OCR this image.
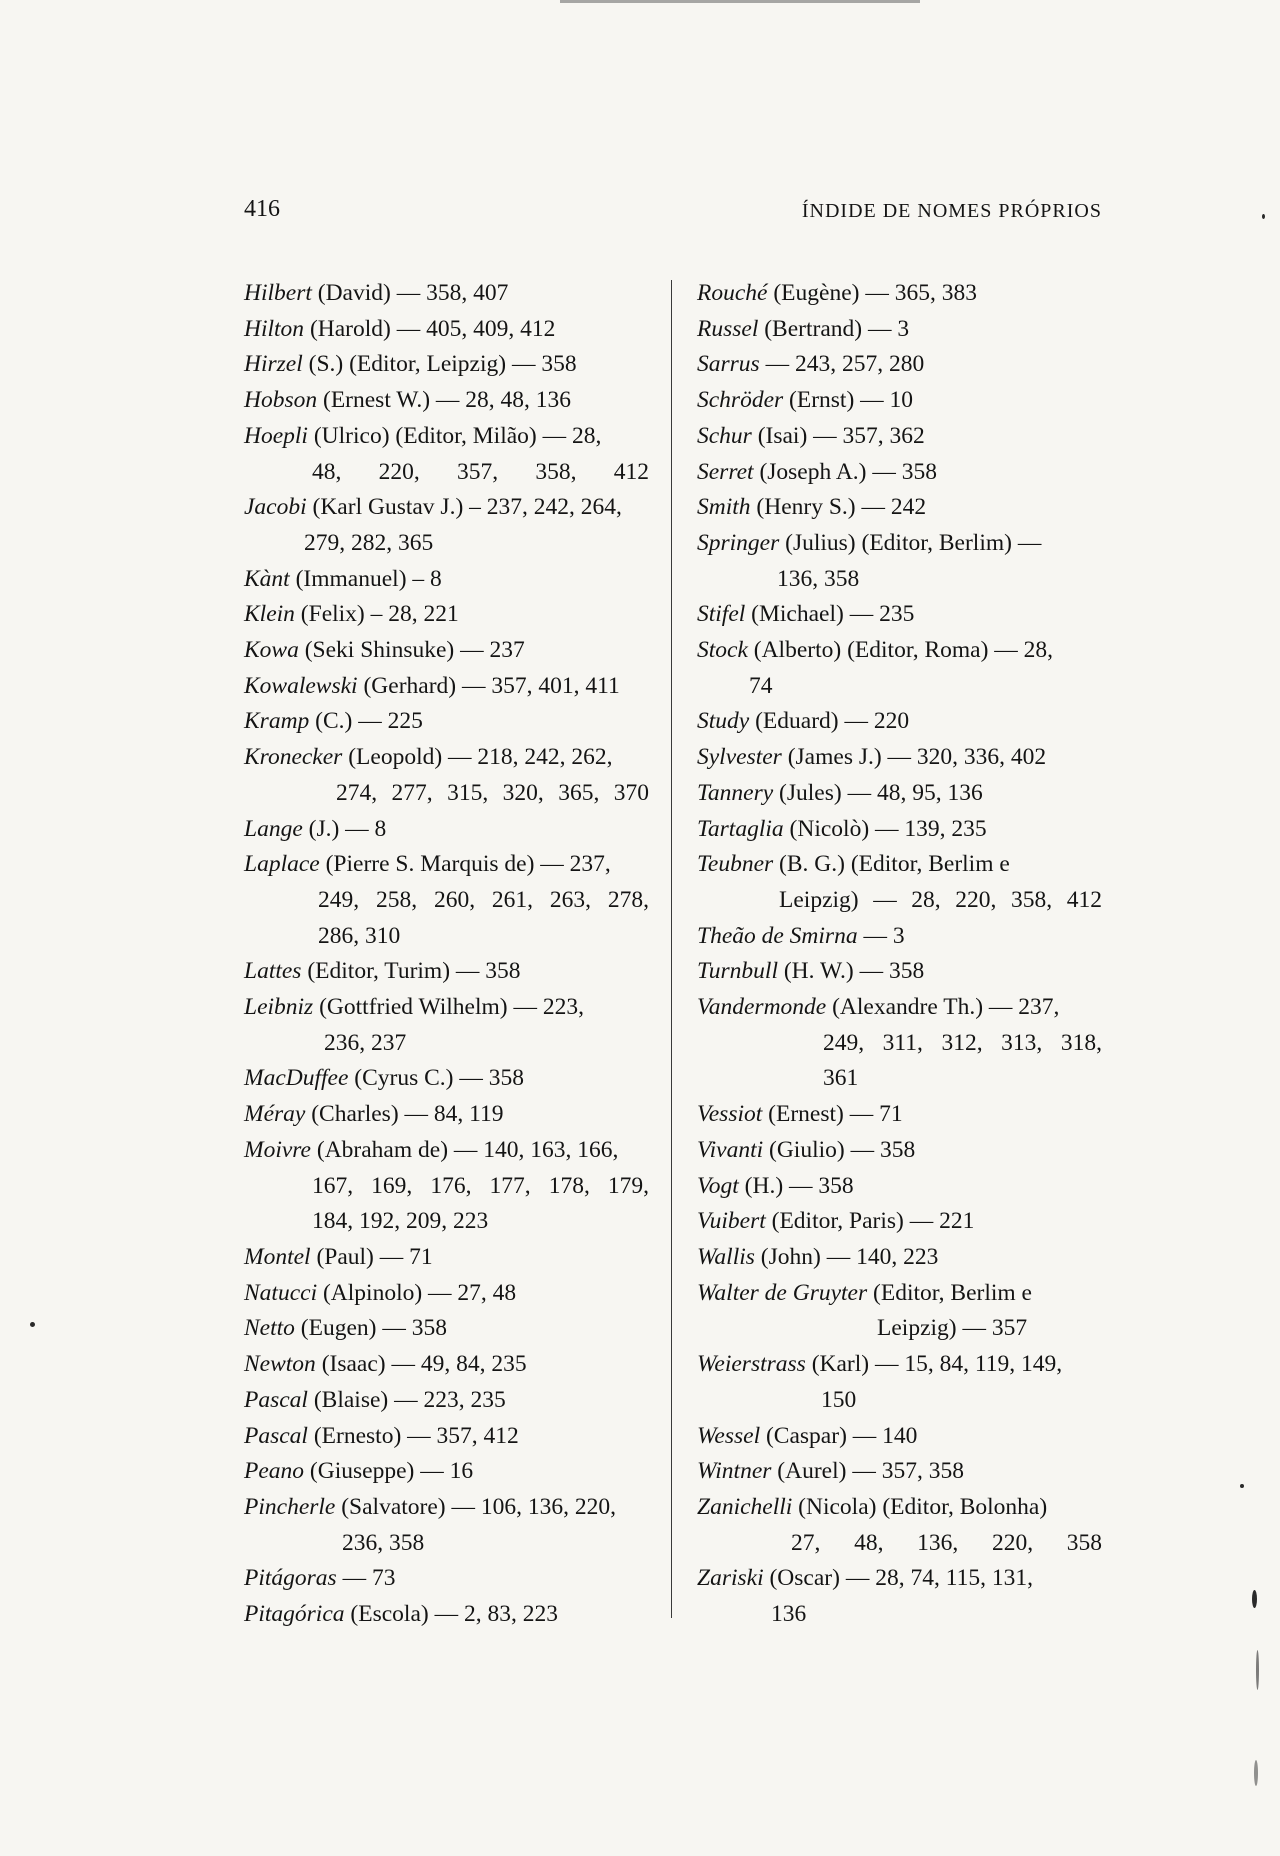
416	ÍNDIDE DE NOMES PRÓPRIOS
Hilbert (David) — 358, 407
Hilton (Harold) — 405, 409, 412
Hirzel (S.) (Editor, Leipzig) — 358
Hobson (Ernest W.) — 28, 48, 136
Hoepli (Ulrico) (Editor, Milão) — 28,
48, 220, 357, 358, 412
Jacobi (Karl Gustav J.) – 237, 242, 264,
279, 282, 365
Kànt (Immanuel) – 8
Klein (Felix) – 28, 221
Kowa (Seki Shinsuke) — 237
Kowalewski (Gerhard) — 357, 401, 411
Kramp (C.) — 225
Kronecker (Leopold) — 218, 242, 262,
274, 277, 315, 320, 365, 370
Lange (J.) — 8
Laplace (Pierre S. Marquis de) — 237,
249, 258, 260, 261, 263, 278,
286, 310
Lattes (Editor, Turim) — 358
Leibniz (Gottfried Wilhelm) — 223,
236, 237
MacDuffee (Cyrus C.) — 358
Méray (Charles) — 84, 119
Moivre (Abraham de) — 140, 163, 166,
167, 169, 176, 177, 178, 179,
184, 192, 209, 223
Montel (Paul) — 71
Natucci (Alpinolo) — 27, 48
Netto (Eugen) — 358
Newton (Isaac) — 49, 84, 235
Pascal (Blaise) — 223, 235
Pascal (Ernesto) — 357, 412
Peano (Giuseppe) — 16
Pincherle (Salvatore) — 106, 136, 220,
236, 358
Pitágoras — 73
Pitagórica (Escola) — 2, 83, 223
Rouché (Eugène) — 365, 383
Russel (Bertrand) — 3
Sarrus — 243, 257, 280
Schröder (Ernst) — 10
Schur (Isai) — 357, 362
Serret (Joseph A.) — 358
Smith (Henry S.) — 242
Springer (Julius) (Editor, Berlim) —
136, 358
Stifel (Michael) — 235
Stock (Alberto) (Editor, Roma) — 28,
74
Study (Eduard) — 220
Sylvester (James J.) — 320, 336, 402
Tannery (Jules) — 48, 95, 136
Tartaglia (Nicolò) — 139, 235
Teubner (B. G.) (Editor, Berlim e
Leipzig) — 28, 220, 358, 412
Theão de Smirna — 3
Turnbull (H. W.) — 358
Vandermonde (Alexandre Th.) — 237,
249, 311, 312, 313, 318,
361
Vessiot (Ernest) — 71
Vivanti (Giulio) — 358
Vogt (H.) — 358
Vuibert (Editor, Paris) — 221
Wallis (John) — 140, 223
Walter de Gruyter (Editor, Berlim e
Leipzig) — 357
Weierstrass (Karl) — 15, 84, 119, 149,
150
Wessel (Caspar) — 140
Wintner (Aurel) — 357, 358
Zanichelli (Nicola) (Editor, Bolonha)
27, 48, 136, 220, 358
Zariski (Oscar) — 28, 74, 115, 131,
136
